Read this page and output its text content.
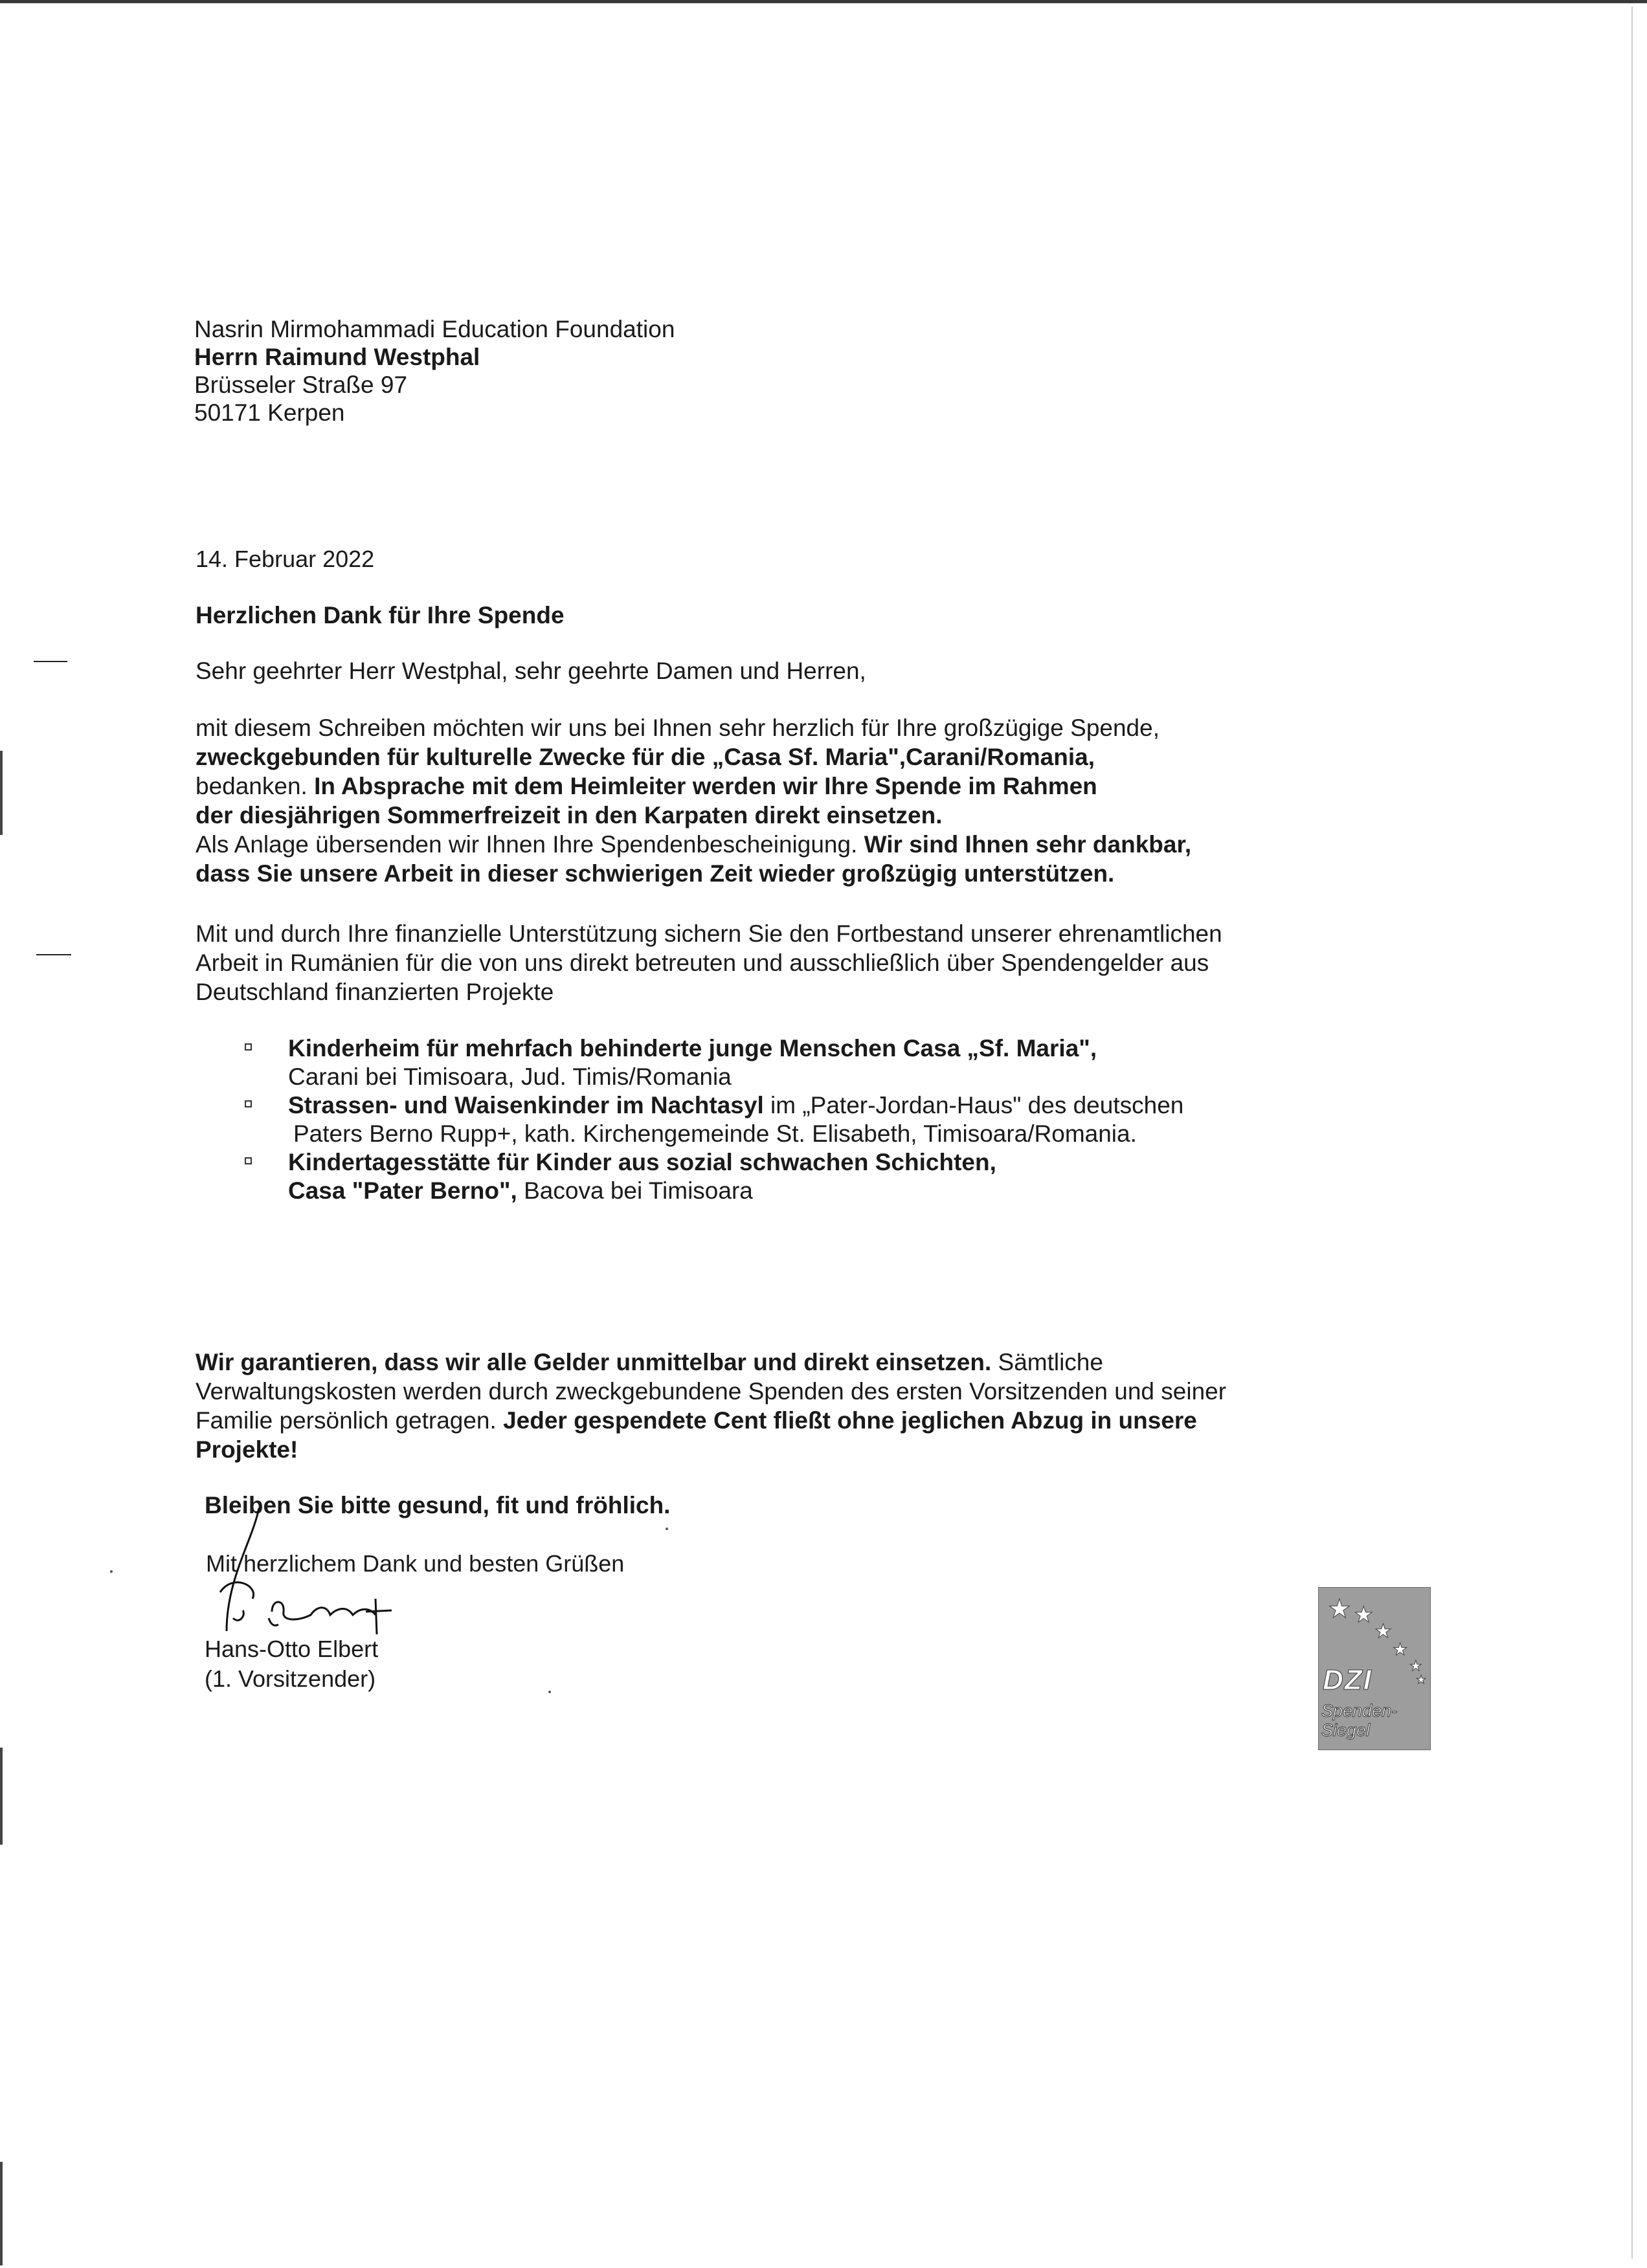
Nasrin Mirmohammadi Education Foundation
Herrn Raimund Westphal
Brüsseler Straße 97
50171 Kerpen
14. Februar 2022
Herzlichen Dank für Ihre Spende
Sehr geehrter Herr Westphal, sehr geehrte Damen und Herren,
mit diesem Schreiben möchten wir uns bei Ihnen sehr herzlich für Ihre großzügige Spende,
zweckgebunden für kulturelle Zwecke für die „Casa Sf. Maria",Carani/Romania,
bedanken. In Absprache mit dem Heimleiter werden wir Ihre Spende im Rahmen
der diesjährigen Sommerfreizeit in den Karpaten direkt einsetzen.
Als Anlage übersenden wir Ihnen Ihre Spendenbescheinigung. Wir sind Ihnen sehr dankbar,
dass Sie unsere Arbeit in dieser schwierigen Zeit wieder großzügig unterstützen.
Mit und durch Ihre finanzielle Unterstützung sichern Sie den Fortbestand unserer ehrenamtlichen
Arbeit in Rumänien für die von uns direkt betreuten und ausschließlich über Spendengelder aus
Deutschland finanzierten Projekte
Kinderheim für mehrfach behinderte junge Menschen Casa „Sf. Maria",
Carani bei Timisoara, Jud. Timis/Romania
Strassen- und Waisenkinder im Nachtasyl im „Pater-Jordan-Haus" des deutschen
Paters Berno Rupp+, kath. Kirchengemeinde St. Elisabeth, Timisoara/Romania.
Kindertagesstätte für Kinder aus sozial schwachen Schichten,
Casa "Pater Berno", Bacova bei Timisoara
Wir garantieren, dass wir alle Gelder unmittelbar und direkt einsetzen. Sämtliche
Verwaltungskosten werden durch zweckgebundene Spenden des ersten Vorsitzenden und seiner
Familie persönlich getragen. Jeder gespendete Cent fließt ohne jeglichen Abzug in unsere
Projekte!
Bleiben Sie bitte gesund, fit und fröhlich.
Mit herzlichem Dank und besten Grüßen
Hans-Otto Elbert
(1. Vorsitzender)
★ ★
★
★
★
★
DZI
Spenden-
Siegel
